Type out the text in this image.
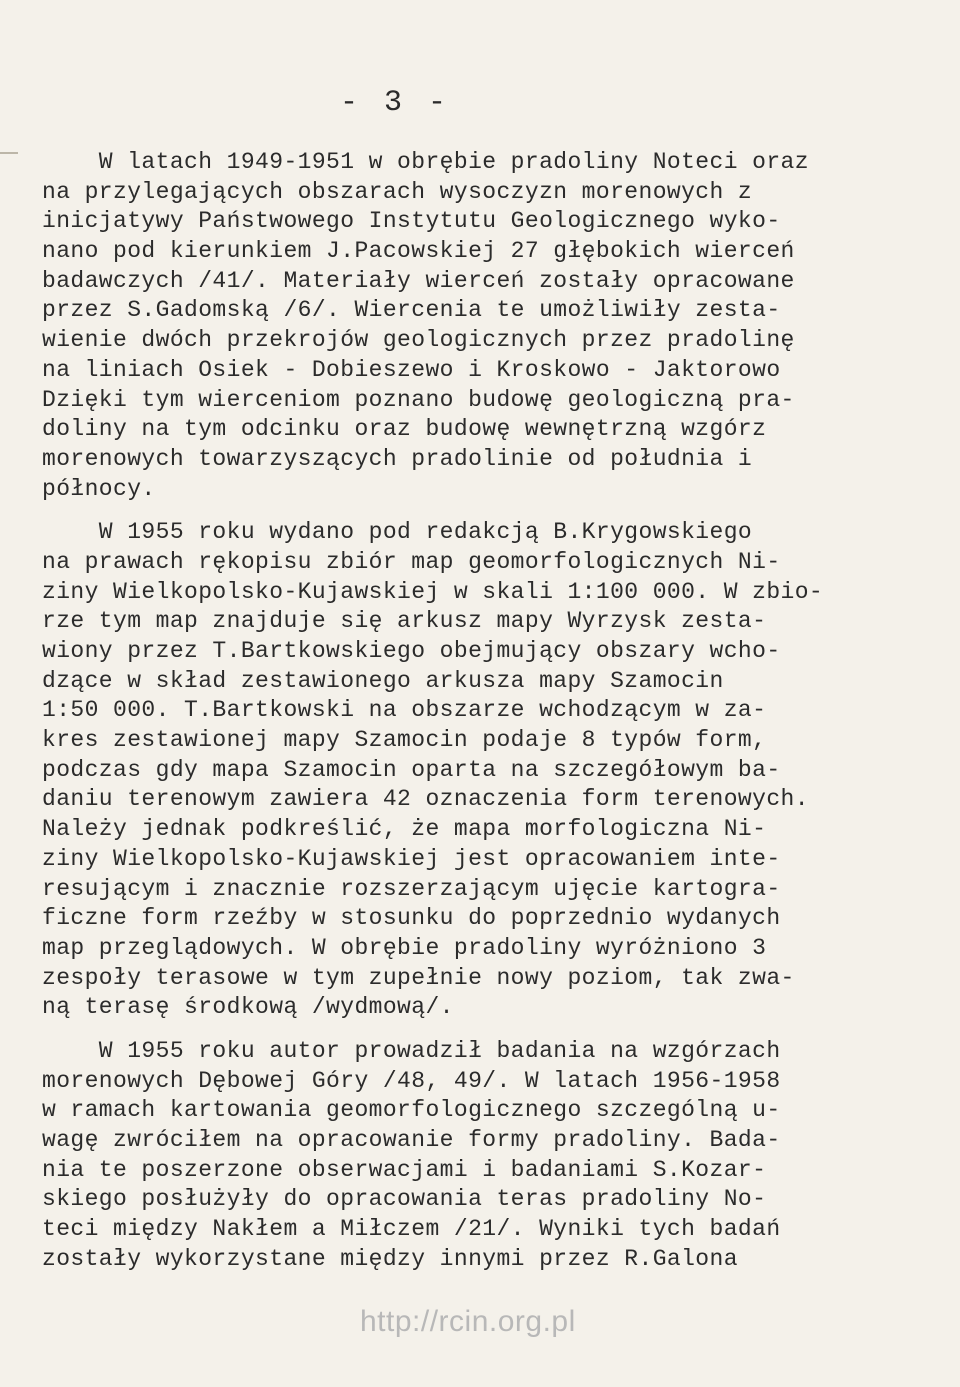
- 3 -
W latach 1949-1951 w obrębie pradoliny Noteci oraz
na przylegających obszarach wysoczyzn morenowych z
inicjatywy Państwowego Instytutu Geologicznego wyko-
nano pod kierunkiem J.Pacowskiej 27 głębokich wierceń
badawczych /41/. Materiały wierceń zostały opracowane
przez S.Gadomską /6/. Wiercenia te umożliwiły zesta-
wienie dwóch przekrojów geologicznych przez pradolinę
na liniach Osiek - Dobieszewo i Kroskowo - Jaktorowo
Dzięki tym wierceniom poznano budowę geologiczną pra-
doliny na tym odcinku oraz budowę wewnętrzną wzgórz
morenowych towarzyszących pradolinie od południa i
północy.
W 1955 roku wydano pod redakcją B.Krygowskiego
na prawach rękopisu zbiór map geomorfologicznych Ni-
ziny Wielkopolsko-Kujawskiej w skali 1:100 000. W zbio-
rze tym map znajduje się arkusz mapy Wyrzysk zesta-
wiony przez T.Bartkowskiego obejmujący obszary wcho-
dzące w skład zestawionego arkusza mapy Szamocin
1:50 000. T.Bartkowski na obszarze wchodzącym w za-
kres zestawionej mapy Szamocin podaje 8 typów form,
podczas gdy mapa Szamocin oparta na szczegółowym ba-
daniu terenowym zawiera 42 oznaczenia form terenowych.
Należy jednak podkreślić, że mapa morfologiczna Ni-
ziny Wielkopolsko-Kujawskiej jest opracowaniem inte-
resującym i znacznie rozszerzającym ujęcie kartogra-
ficzne form rzeźby w stosunku do poprzednio wydanych
map przeglądowych. W obrębie pradoliny wyróżniono 3
zespoły terasowe w tym zupełnie nowy poziom, tak zwa-
ną terasę środkową /wydmową/.
W 1955 roku autor prowadził badania na wzgórzach
morenowych Dębowej Góry /48, 49/. W latach 1956-1958
w ramach kartowania geomorfologicznego szczególną u-
wagę zwróciłem na opracowanie formy pradoliny. Bada-
nia te poszerzone obserwacjami i badaniami S.Kozar-
skiego posłużyły do opracowania teras pradoliny No-
teci między Nakłem a Miłczem /21/. Wyniki tych badań
zostały wykorzystane między innymi przez R.Galona
http://rcin.org.pl
